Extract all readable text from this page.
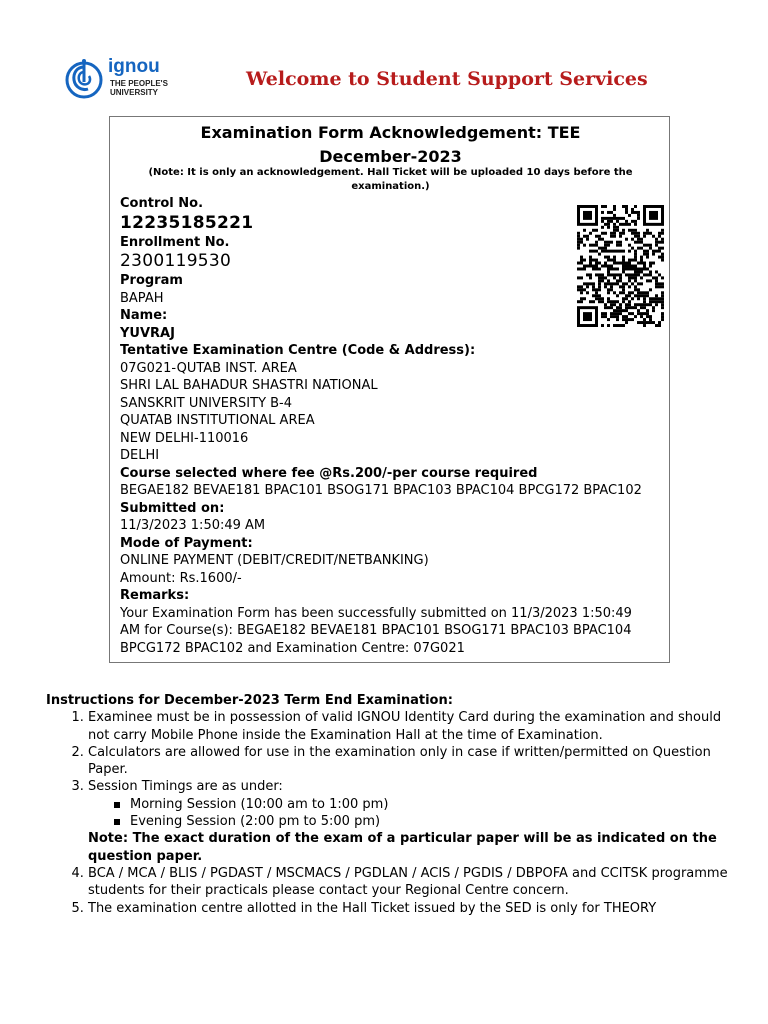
ignou
THE PEOPLE'S
UNIVERSITY
Welcome to Student Support Services
Examination Form Acknowledgement: TEE
December-2023
(Note: It is only an acknowledgement. Hall Ticket will be uploaded 10 days before the examination.)
Control No.
12235185221
Enrollment No.
2300119530
Program
BAPAH
Name:
YUVRAJ
Tentative Examination Centre (Code & Address):
07G021-QUTAB INST. AREA
SHRI LAL BAHADUR SHASTRI NATIONAL
SANSKRIT UNIVERSITY B-4
QUATAB INSTITUTIONAL AREA
NEW DELHI-110016
DELHI
Course selected where fee @Rs.200/-per course required
BEGAE182 BEVAE181 BPAC101 BSOG171 BPAC103 BPAC104 BPCG172 BPAC102
Submitted on:
11/3/2023 1:50:49 AM
Mode of Payment:
ONLINE PAYMENT (DEBIT/CREDIT/NETBANKING)
Amount: Rs.1600/-
Remarks:
Your Examination Form has been successfully submitted on 11/3/2023 1:50:49
AM for Course(s): BEGAE182 BEVAE181 BPAC101 BSOG171 BPAC103 BPAC104
BPCG172 BPAC102 and Examination Centre: 07G021
Instructions for December-2023 Term End Examination:
1. Examinee must be in possession of valid IGNOU Identity Card during the examination and should not carry Mobile Phone inside the Examination Hall at the time of Examination.
2. Calculators are allowed for use in the examination only in case if written/permitted on Question Paper.
3. Session Timings are as under:
Morning Session (10:00 am to 1:00 pm)
Evening Session (2:00 pm to 5:00 pm)
Note: The exact duration of the exam of a particular paper will be as indicated on the question paper.
4. BCA / MCA / BLIS / PGDAST / MSCMACS / PGDLAN / ACIS / PGDIS / DBPOFA and CCITSK programme students for their practicals please contact your Regional Centre concern.
5. The examination centre allotted in the Hall Ticket issued by the SED is only for THEORY
